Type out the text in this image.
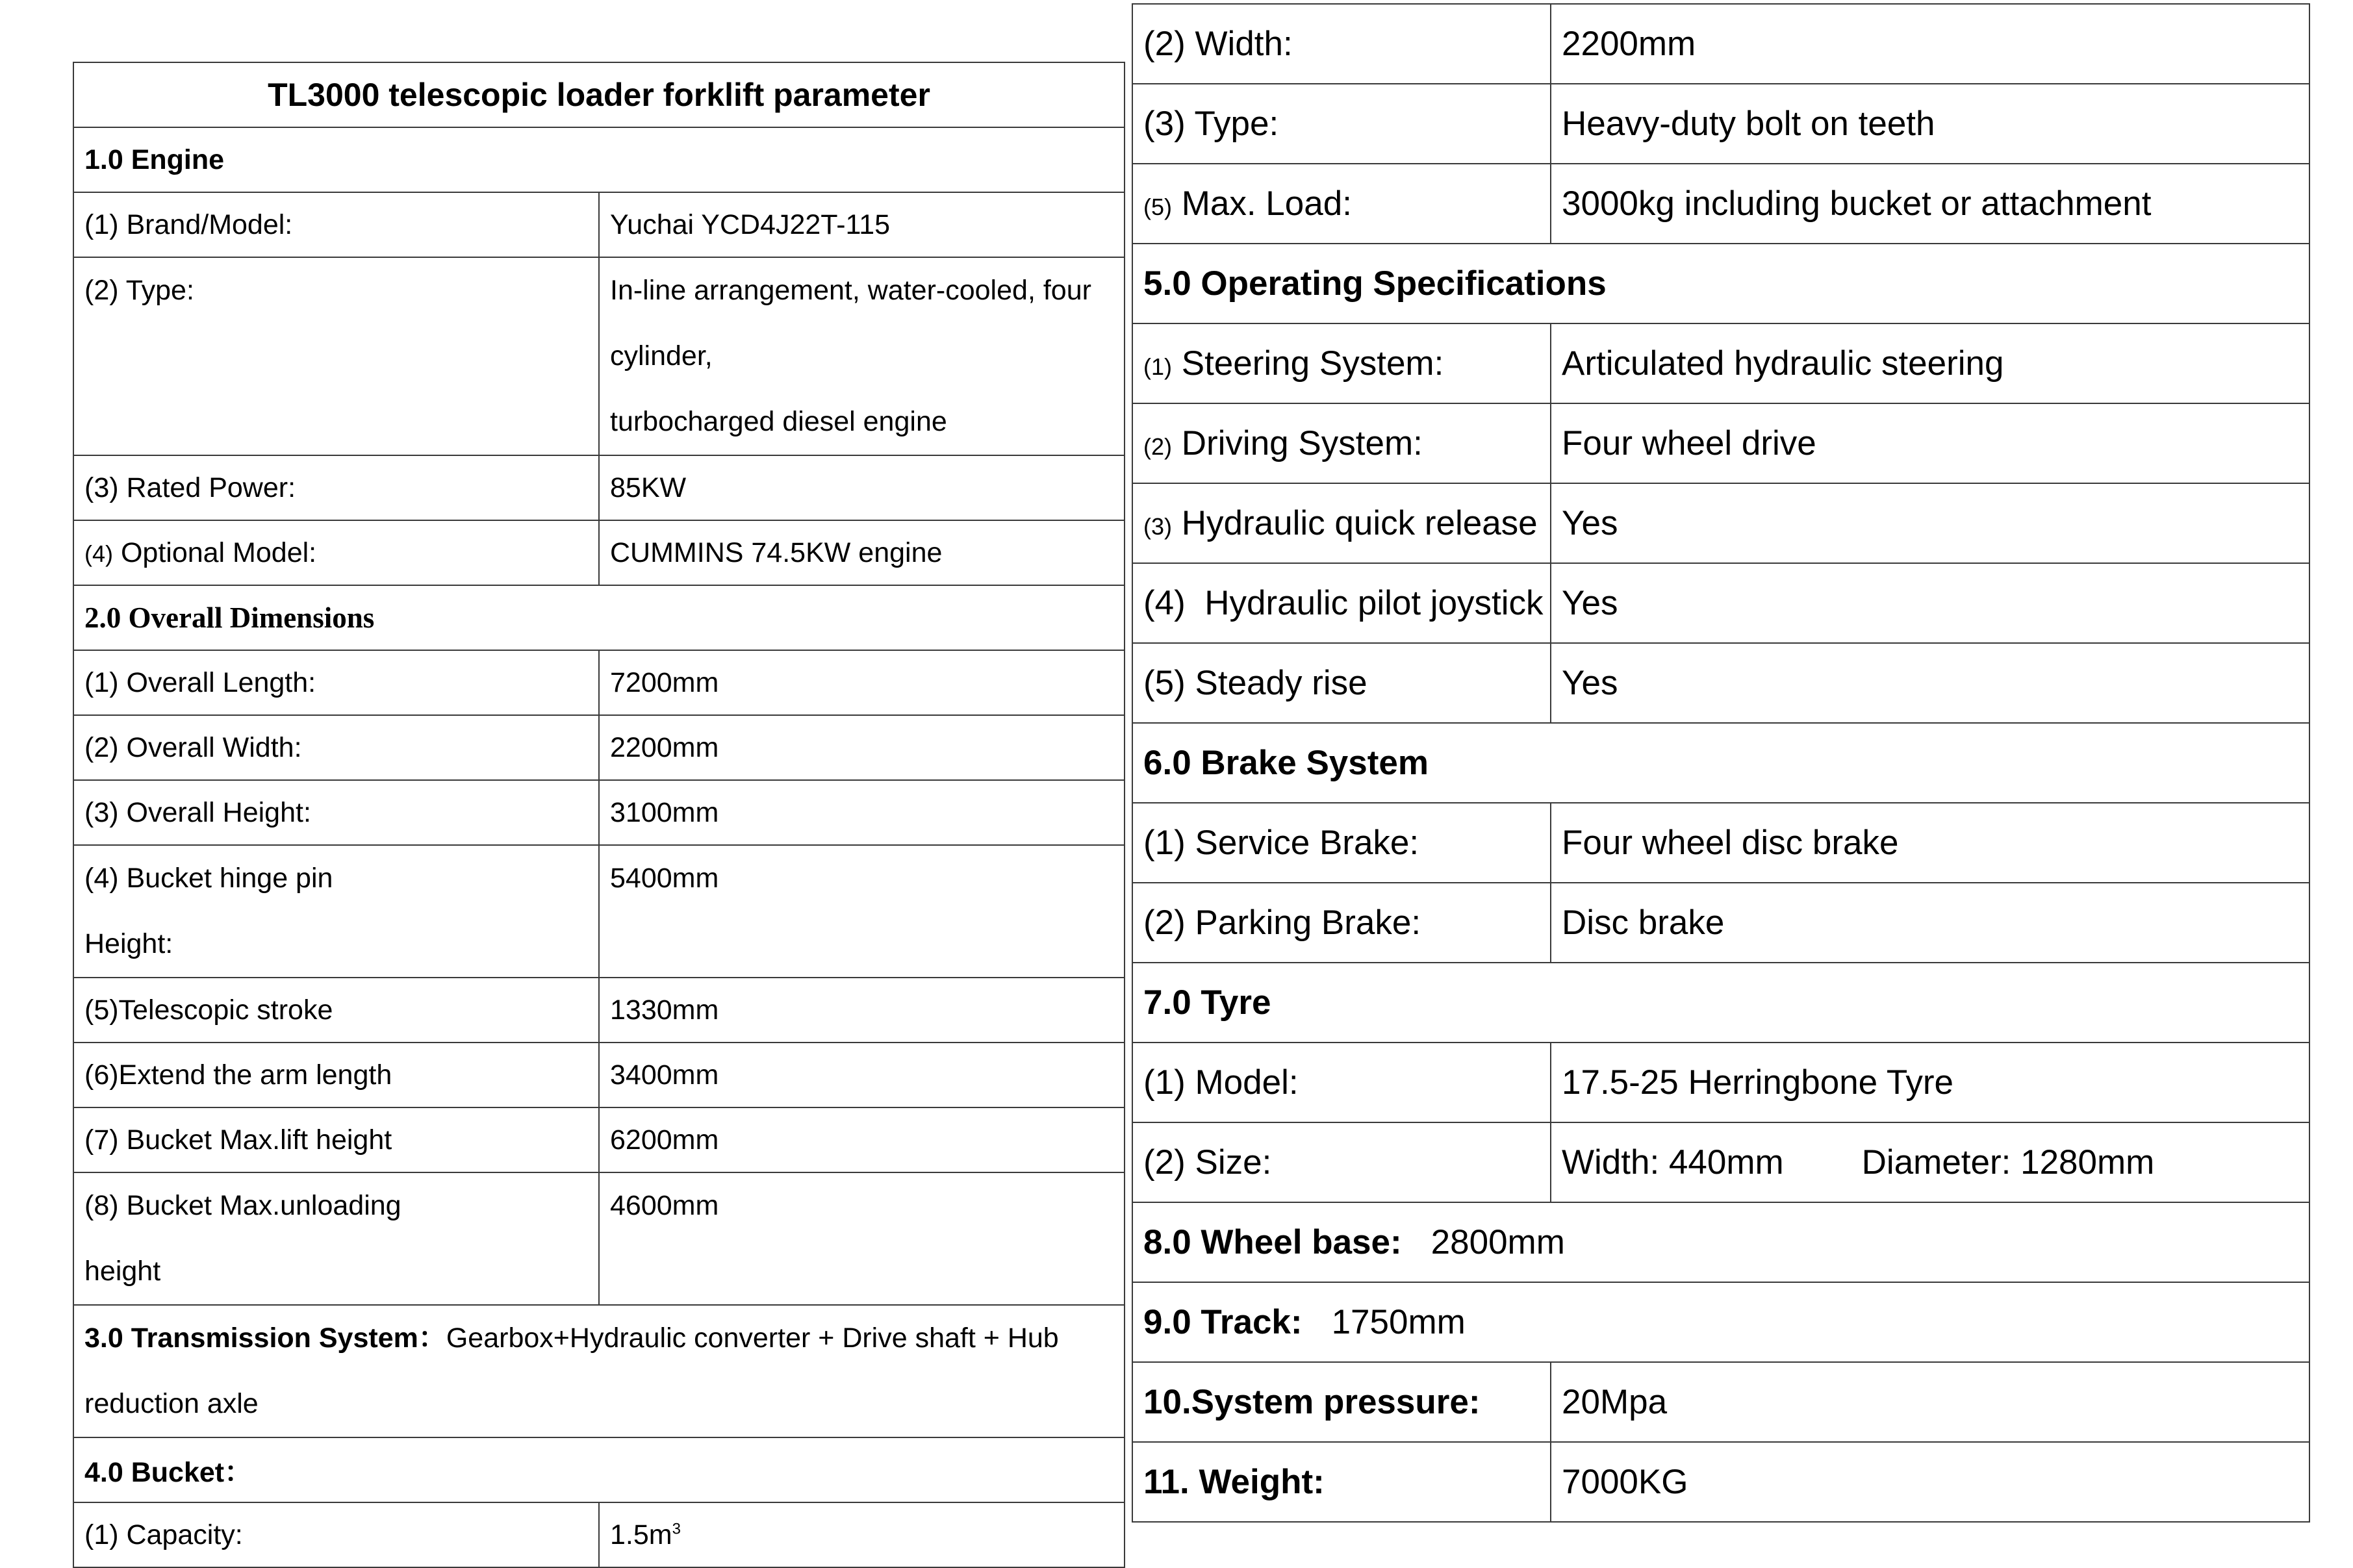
TL3000 telescopic loader forklift parameter	
1.0 Engine	
(1) Brand/Model:	Yuchai YCD4J22T-115
(2) Type:	In-line arrangement, water-cooled, four cylinder,
turbocharged diesel engine
(3) Rated Power:	85KW
(4) Optional Model:	CUMMINS 74.5KW engine
2.0 Overall Dimensions	
(1) Overall Length:	7200mm
(2) Overall Width:	2200mm
(3) Overall Height:	3100mm
(4) Bucket hinge pin
Height:	5400mm
(5)Telescopic stroke	1330mm
(6)Extend the arm length	3400mm
(7) Bucket Max.lift height	6200mm
(8) Bucket Max.unloading
height	4600mm
3.0 Transmission System：Gearbox+Hydraulic converter + Drive shaft + Hub
reduction axle	
4.0 Bucket：	
(1) Capacity:	$1.5m^3$
(2) Width:	2200mm
(3) Type:	Heavy-duty bolt on teeth
(5) Max. Load:	3000kg including bucket or attachment
5.0 Operating Specifications	
(1) Steering System:	Articulated hydraulic steering
(2) Driving System:	Four wheel drive
(3) Hydraulic quick release	Yes
(4)  Hydraulic pilot joystick	Yes
(5) Steady rise	Yes
6.0 Brake System	
(1) Service Brake:	Four wheel disc brake
(2) Parking Brake:	Disc brake
7.0 Tyre	
(1) Model:	17.5-25 Herringbone Tyre
(2) Size:	Width: 440mm Diameter: 1280mm
8.0 Wheel base: 2800mm	
9.0 Track: 1750mm	
10.System pressure:	20Mpa
11. Weight:	7000KG
